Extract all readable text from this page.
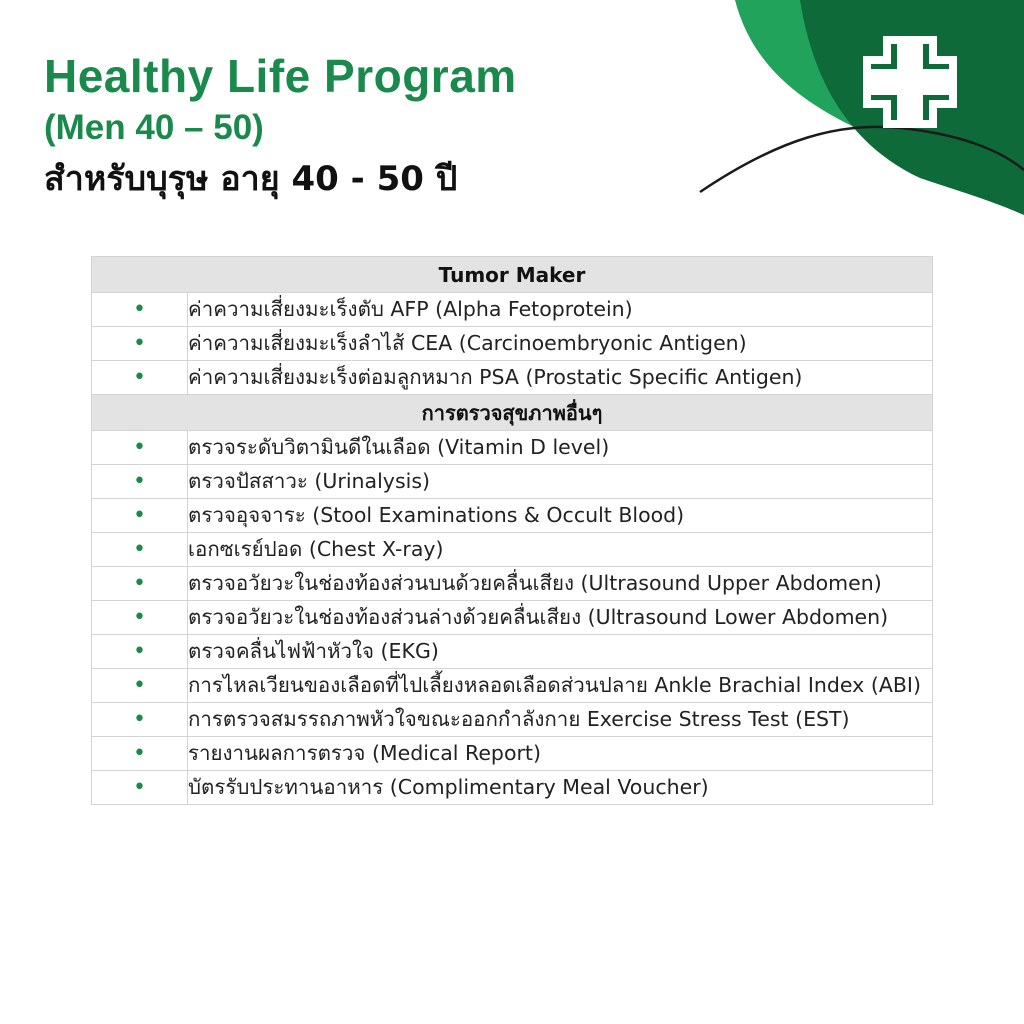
Healthy Life Program
(Men 40 – 50)
สำหรับบุรุษ อายุ 40 - 50 ปี
Tumor Maker	
•	ค่าความเสี่ยงมะเร็งตับ AFP (Alpha Fetoprotein)
•	ค่าความเสี่ยงมะเร็งลำไส้ CEA (Carcinoembryonic Antigen)
•	ค่าความเสี่ยงมะเร็งต่อมลูกหมาก PSA (Prostatic Specific Antigen)
การตรวจสุขภาพอื่นๆ	
•	ตรวจระดับวิตามินดีในเลือด (Vitamin D level)
•	ตรวจปัสสาวะ (Urinalysis)
•	ตรวจอุจจาระ (Stool Examinations & Occult Blood)
•	เอกซเรย์ปอด (Chest X-ray)
•	ตรวจอวัยวะในช่องท้องส่วนบนด้วยคลื่นเสียง (Ultrasound Upper Abdomen)
•	ตรวจอวัยวะในช่องท้องส่วนล่างด้วยคลื่นเสียง (Ultrasound Lower Abdomen)
•	ตรวจคลื่นไฟฟ้าหัวใจ (EKG)
•	การไหลเวียนของเลือดที่ไปเลี้ยงหลอดเลือดส่วนปลาย Ankle Brachial Index (ABI)
•	การตรวจสมรรถภาพหัวใจขณะออกกำลังกาย Exercise Stress Test (EST)
•	รายงานผลการตรวจ (Medical Report)
•	บัตรรับประทานอาหาร (Complimentary Meal Voucher)
